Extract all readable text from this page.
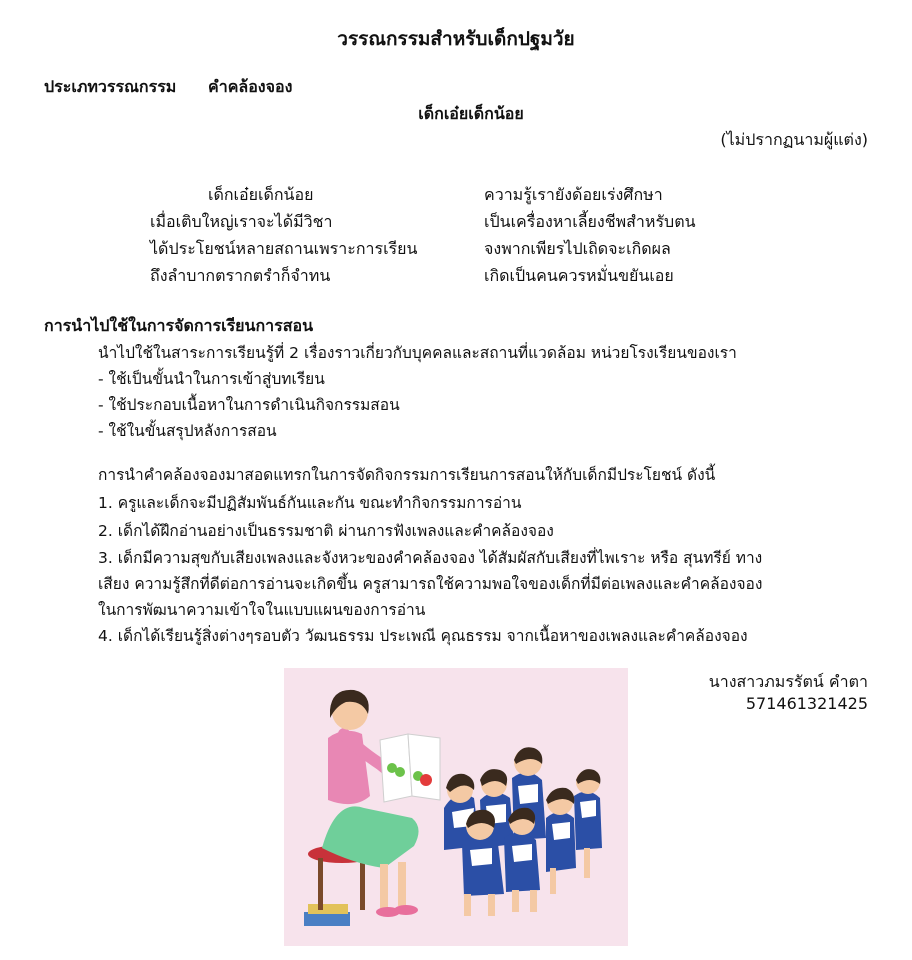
วรรณกรรมสำหรับเด็กปฐมวัย
ประเภทวรรณกรรม คำคล้องจอง
เด็กเอ๋ยเด็กน้อย
(ไม่ปรากฏนามผู้แต่ง)
เด็กเอ๋ยเด็กน้อย
เมื่อเติบใหญ่เราจะได้มีวิชา
ได้ประโยชน์หลายสถานเพราะการเรียน
ถึงลำบากตรากตรำก็จำทน
ความรู้เรายังด้อยเร่งศึกษา
เป็นเครื่องหาเลี้ยงชีพสำหรับตน
จงพากเพียรไปเถิดจะเกิดผล
เกิดเป็นคนควรหมั่นขยันเอย
การนำไปใช้ในการจัดการเรียนการสอน
นำไปใช้ในสาระการเรียนรู้ที่ 2 เรื่องราวเกี่ยวกับบุคคลและสถานที่แวดล้อม หน่วยโรงเรียนของเรา
- ใช้เป็นขั้นนำในการเข้าสู่บทเรียน
- ใช้ประกอบเนื้อหาในการดำเนินกิจกรรมสอน
- ใช้ในขั้นสรุปหลังการสอน
การนำคำคล้องจองมาสอดแทรกในการจัดกิจกรรมการเรียนการสอนให้กับเด็กมีประโยชน์ ดังนี้
1. ครูและเด็กจะมีปฏิสัมพันธ์กันและกัน ขณะทำกิจกรรมการอ่าน
2. เด็กได้ฝึกอ่านอย่างเป็นธรรมชาติ ผ่านการฟังเพลงและคำคล้องจอง
3. เด็กมีความสุขกับเสียงเพลงและจังหวะของคำคล้องจอง ได้สัมผัสกับเสียงที่ไพเราะ หรือ สุนทรีย์ ทาง
เสียง ความรู้สึกที่ดีต่อการอ่านจะเกิดขึ้น ครูสามารถใช้ความพอใจของเด็กที่มีต่อเพลงและคำคล้องจอง
ในการพัฒนาความเข้าใจในแบบแผนของการอ่าน
4. เด็กได้เรียนรู้สิ่งต่างๆรอบตัว วัฒนธรรม ประเพณี คุณธรรม จากเนื้อหาของเพลงและคำคล้องจอง
นางสาวภมรรัตน์ คำตา
571461321425
